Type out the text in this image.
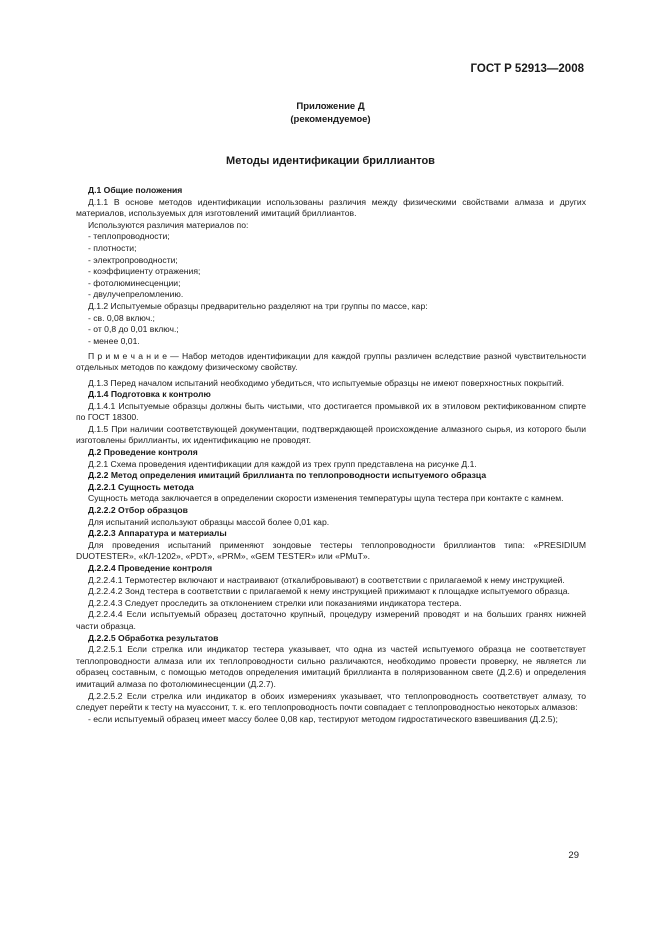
ГОСТ Р 52913—2008
Приложение Д
(рекомендуемое)
Методы идентификации бриллиантов

Д.1 Общие положения

Д.1.1 В основе методов идентификации использованы различия между физическими свойствами алмаза и других материалов, используемых для изготовлений имитаций бриллиантов.

Используются различия материалов по:

- теплопроводности;

- плотности;

- электропроводности;

- коэффициенту отражения;

- фотолюминесценции;

- двулучепреломлению.

Д.1.2 Испытуемые образцы предварительно разделяют на три группы по массе, кар:

- св. 0,08 включ.;

- от 0,8 до 0,01 включ.;

- менее 0,01.

П р и м е ч а н и е — Набор методов идентификации для каждой группы различен вследствие разной чувствительности отдельных методов по каждому физическому свойству.

Д.1.3 Перед началом испытаний необходимо убедиться, что испытуемые образцы не имеют поверхностных покрытий.

Д.1.4 Подготовка к контролю

Д.1.4.1 Испытуемые образцы должны быть чистыми, что достигается промывкой их в этиловом ректификованном спирте по ГОСТ 18300.

Д.1.5 При наличии соответствующей документации, подтверждающей происхождение алмазного сырья, из которого были изготовлены бриллианты, их идентификацию не проводят.

Д.2 Проведение контроля

Д.2.1 Схема проведения идентификации для каждой из трех групп представлена на рисунке Д.1.

Д.2.2 Метод определения имитаций бриллианта по теплопроводности испытуемого образца

Д.2.2.1 Сущность метода

Сущность метода заключается в определении скорости изменения температуры щупа тестера при контакте с камнем.

Д.2.2.2 Отбор образцов

Для испытаний используют образцы массой более 0,01 кар.

Д.2.2.3 Аппаратура и материалы

Для проведения испытаний применяют зондовые тестеры теплопроводности бриллиантов типа: «PRESIDIUM DUOTESTER», «КЛ-1202», «PDT», «PRM», «GEM TESTER» или «PMuT».

Д.2.2.4 Проведение контроля

Д.2.2.4.1 Термотестер включают и настраивают (откалибровывают) в соответствии с прилагаемой к нему инструкцией.

Д.2.2.4.2 Зонд тестера в соответствии с прилагаемой к нему инструкцией прижимают к площадке испытуемого образца.

Д.2.2.4.3 Следует проследить за отклонением стрелки или показаниями индикатора тестера.

Д.2.2.4.4 Если испытуемый образец достаточно крупный, процедуру измерений проводят и на больших гранях нижней части образца.

Д.2.2.5 Обработка результатов

Д.2.2.5.1 Если стрелка или индикатор тестера указывает, что одна из частей испытуемого образца не соответствует теплопроводности алмаза или их теплопроводности сильно различаются, необходимо провести проверку, не является ли образец составным, с помощью методов определения имитаций бриллианта в поляризованном свете (Д.2.6) и определения имитаций алмаза по фотолюминесценции (Д.2.7).

Д.2.2.5.2 Если стрелка или индикатор в обоих измерениях указывает, что теплопроводность соответствует алмазу, то следует перейти к тесту на муассонит, т. к. его теплопроводность почти совпадает с теплопроводностью некоторых алмазов:

- если испытуемый образец имеет массу более 0,08 кар, тестируют методом гидростатического взвешивания (Д.2.5);

29
